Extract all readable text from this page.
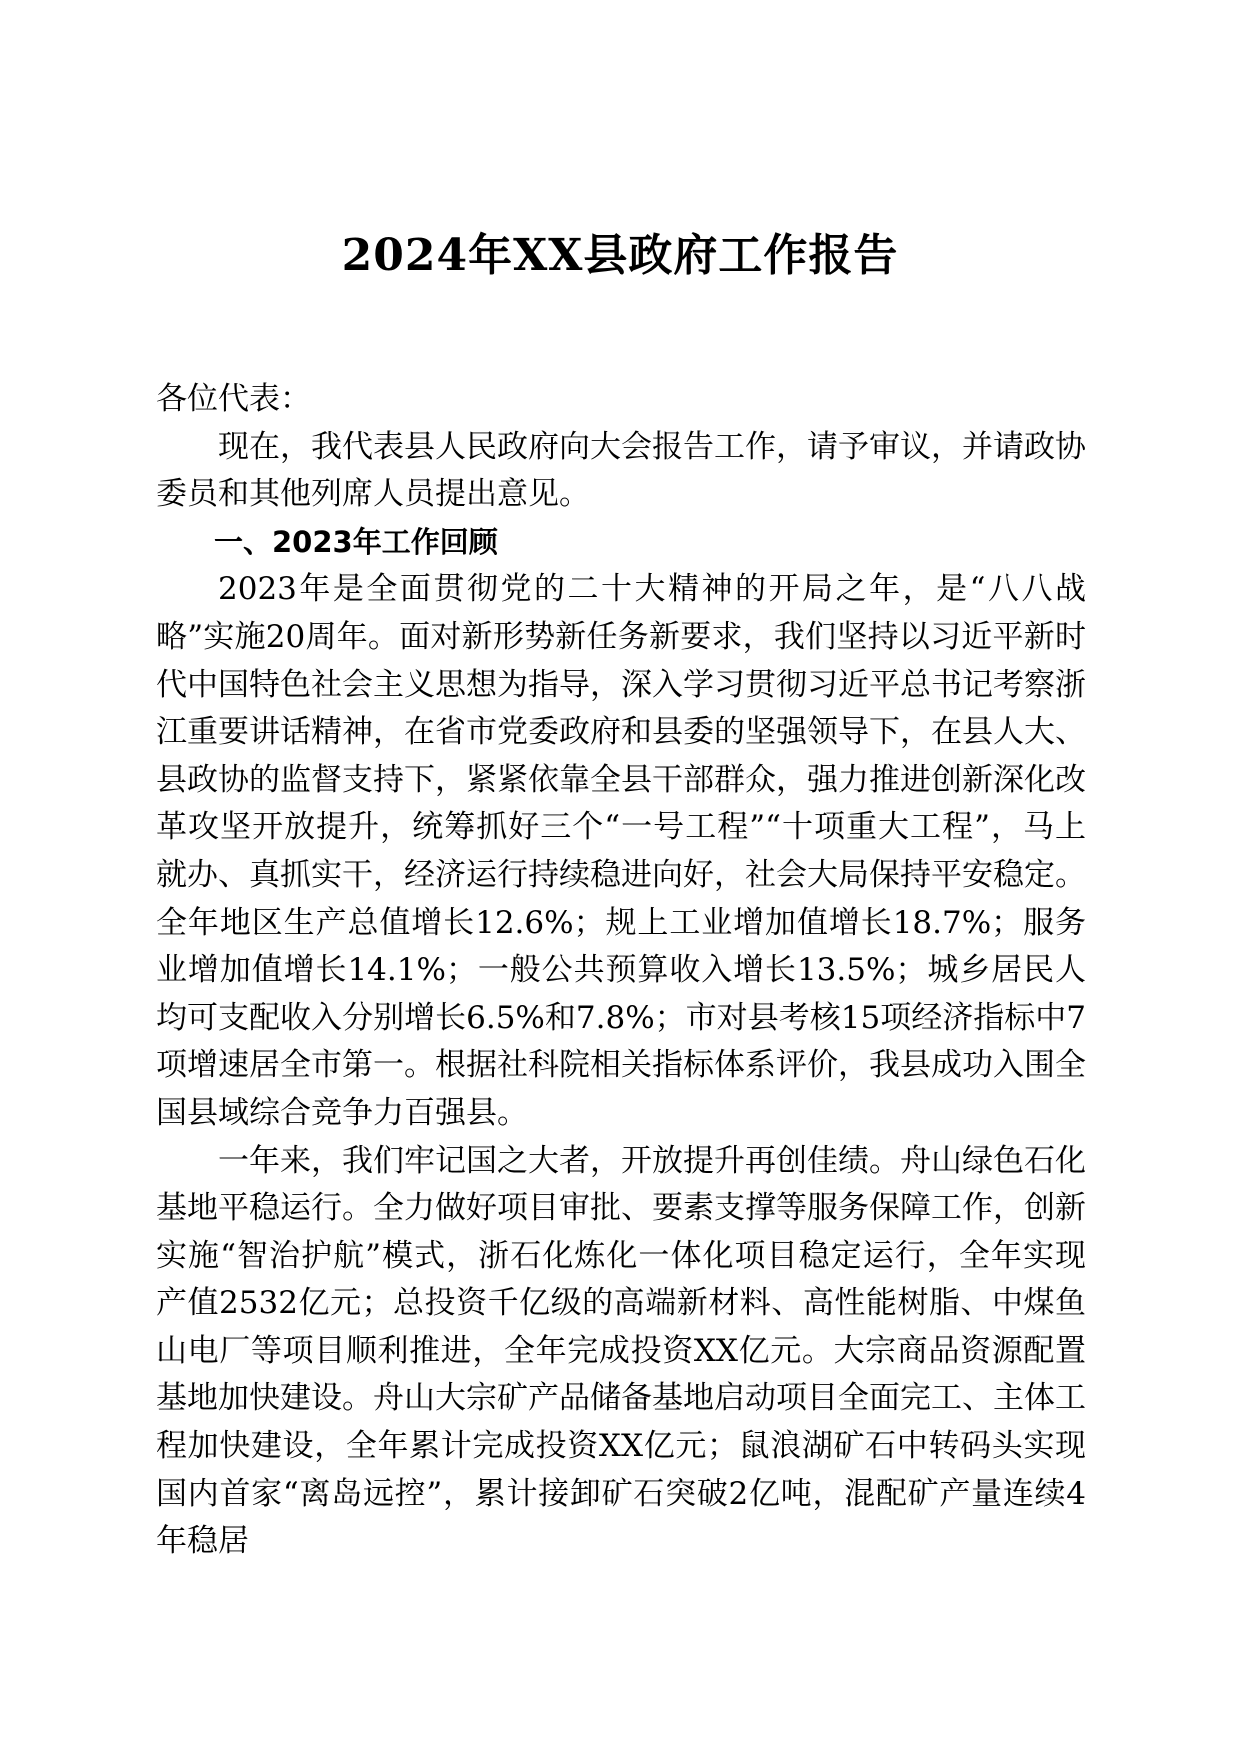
2024年XX县政府工作报告

各位代表：

现在，我代表县人民政府向大会报告工作，请予审议，并请政协委员和其他列席人员提出意见。

一、2023年工作回顾

2023年是全面贯彻党的二十大精神的开局之年，是“八八战略”实施20周年。面对新形势新任务新要求，我们坚持以习近平新时代中国特色社会主义思想为指导，深入学习贯彻习近平总书记考察浙江重要讲话精神，在省市党委政府和县委的坚强领导下，在县人大、县政协的监督支持下，紧紧依靠全县干部群众，强力推进创新深化改革攻坚开放提升，统筹抓好三个“一号工程”“十项重大工程”，马上就办、真抓实干，经济运行持续稳进向好，社会大局保持平安稳定。全年地区生产总值增长12.6%；规上工业增加值增长18.7%；服务业增加值增长14.1%；一般公共预算收入增长13.5%；城乡居民人均可支配收入分别增长6.5%和7.8%；市对县考核15项经济指标中7项增速居全市第一。根据社科院相关指标体系评价，我县成功入围全国县域综合竞争力百强县。

一年来，我们牢记国之大者，开放提升再创佳绩。舟山绿色石化基地平稳运行。全力做好项目审批、要素支撑等服务保障工作，创新实施“智治护航”模式，浙石化炼化一体化项目稳定运行，全年实现产值2532亿元；总投资千亿级的高端新材料、高性能树脂、中煤鱼山电厂等项目顺利推进，全年完成投资XX亿元。大宗商品资源配置基地加快建设。舟山大宗矿产品储备基地启动项目全面完工、主体工程加快建设，全年累计完成投资XX亿元；鼠浪湖矿石中转码头实现国内首家“离岛远控”，累计接卸矿石突破2亿吨，混配矿产量连续4年稳居
